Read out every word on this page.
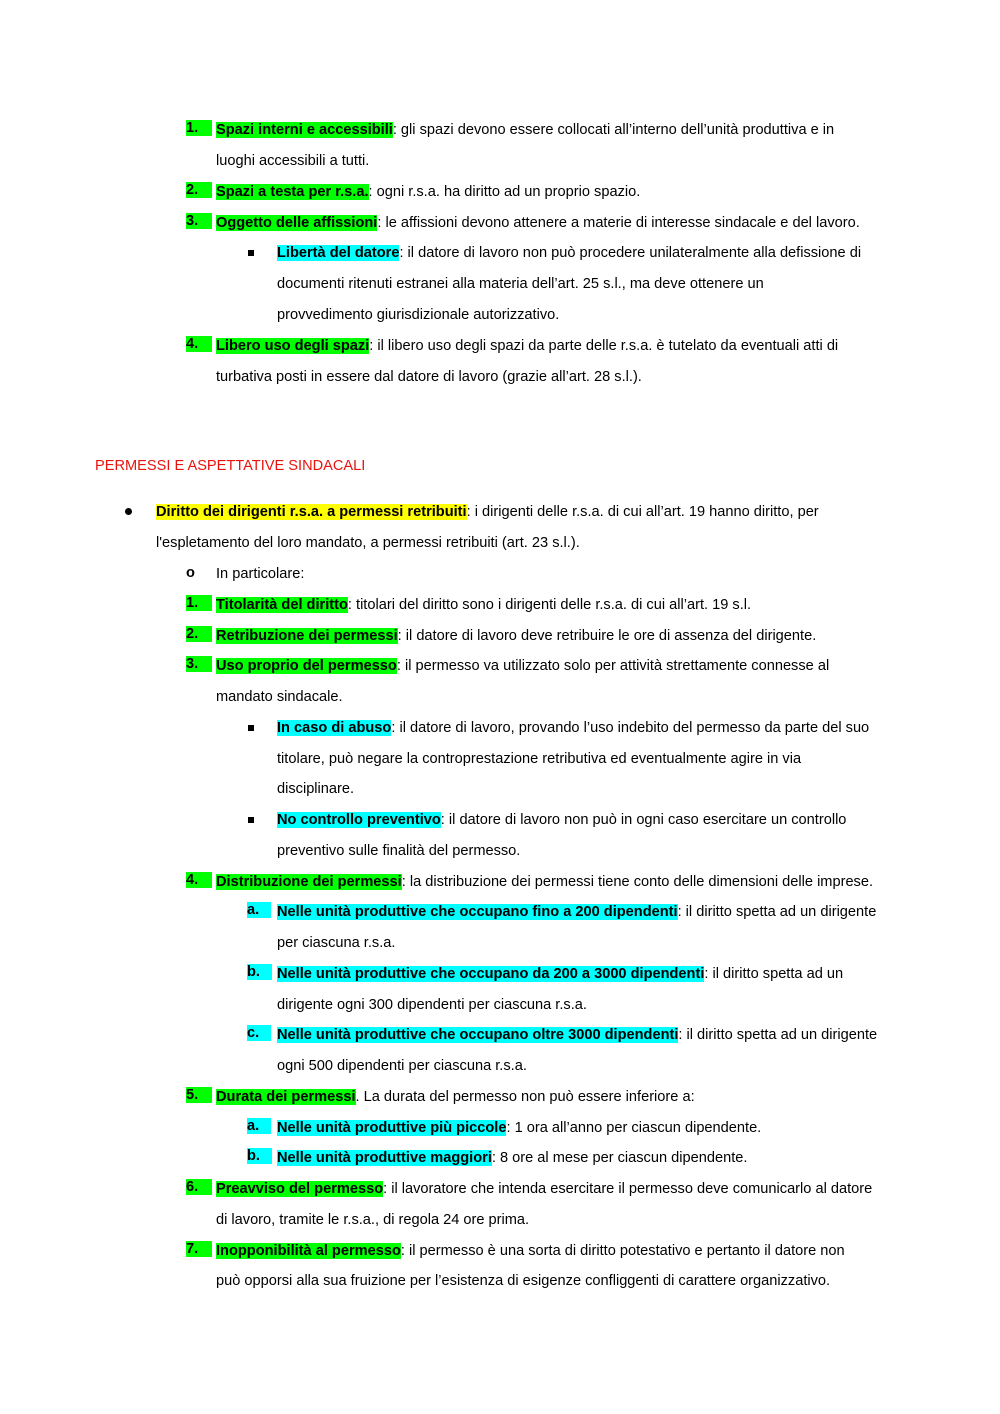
1.	Spazi interni e accessibili: gli spazi devono essere collocati all’interno dell’unità produttiva e in
luoghi accessibili a tutti.
2.	Spazi a testa per r.s.a.: ogni r.s.a. ha diritto ad un proprio spazio.
3.	Oggetto delle affissioni: le affissioni devono attenere a materie di interesse sindacale e del lavoro.
Libertà del datore: il datore di lavoro non può procedere unilateralmente alla defissione di
documenti ritenuti estranei alla materia dell’art. 25 s.l., ma deve ottenere un
provvedimento giurisdizionale autorizzativo.
4.	Libero uso degli spazi: il libero uso degli spazi da parte delle r.s.a. è tutelato da eventuali atti di
turbativa posti in essere dal datore di lavoro (grazie all’art. 28 s.l.).
PERMESSI E ASPETTATIVE SINDACALI
Diritto dei dirigenti r.s.a. a permessi retribuiti: i dirigenti delle r.s.a. di cui all’art. 19 hanno diritto, per
l'espletamento del loro mandato, a permessi retribuiti (art. 23 s.l.).
o In particolare:
1.	Titolarità del diritto: titolari del diritto sono i dirigenti delle r.s.a. di cui all’art. 19 s.l.
2.	Retribuzione dei permessi: il datore di lavoro deve retribuire le ore di assenza del dirigente.
3.	Uso proprio del permesso: il permesso va utilizzato solo per attività strettamente connesse al
mandato sindacale.
In caso di abuso: il datore di lavoro, provando l’uso indebito del permesso da parte del suo
titolare, può negare la controprestazione retributiva ed eventualmente agire in via
disciplinare.
No controllo preventivo: il datore di lavoro non può in ogni caso esercitare un controllo
preventivo sulle finalità del permesso.
4.	Distribuzione dei permessi: la distribuzione dei permessi tiene conto delle dimensioni delle imprese.
a.	Nelle unità produttive che occupano fino a 200 dipendenti: il diritto spetta ad un dirigente
per ciascuna r.s.a.
b.	Nelle unità produttive che occupano da 200 a 3000 dipendenti: il diritto spetta ad un
dirigente ogni 300 dipendenti per ciascuna r.s.a.
c.	Nelle unità produttive che occupano oltre 3000 dipendenti: il diritto spetta ad un dirigente
ogni 500 dipendenti per ciascuna r.s.a.
5.	Durata dei permessi. La durata del permesso non può essere inferiore a:
a.	Nelle unità produttive più piccole: 1 ora all’anno per ciascun dipendente.
b.	Nelle unità produttive maggiori: 8 ore al mese per ciascun dipendente.
6.	Preavviso del permesso: il lavoratore che intenda esercitare il permesso deve comunicarlo al datore
di lavoro, tramite le r.s.a., di regola 24 ore prima.
7.	Inopponibilità al permesso: il permesso è una sorta di diritto potestativo e pertanto il datore non
può opporsi alla sua fruizione per l’esistenza di esigenze confliggenti di carattere organizzativo.
